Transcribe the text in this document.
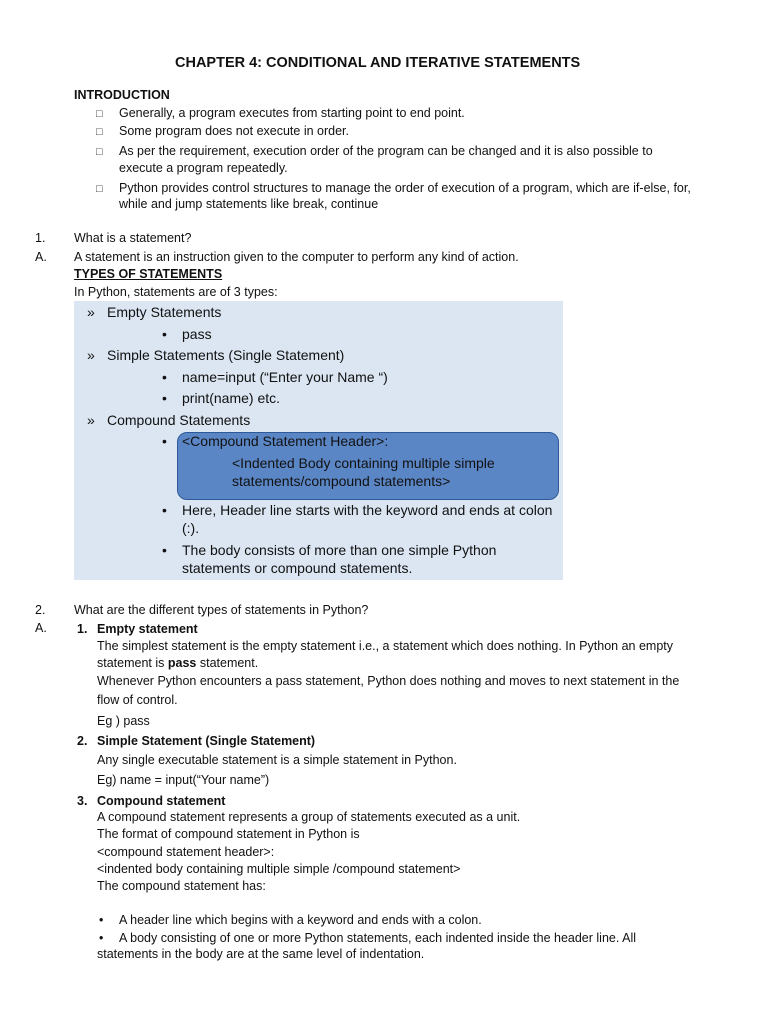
CHAPTER 4: CONDITIONAL AND ITERATIVE STATEMENTS
INTRODUCTION
□ Generally, a program executes from starting point to end point.
□ Some program does not execute in order.
□ As per the requirement, execution order of the program can be changed and it is also possible to
execute a program repeatedly.
□ Python provides control structures to manage the order of execution of a program, which are if-else, for,
while and jump statements like break, continue
1. What is a statement?
A. A statement is an instruction given to the computer to perform any kind of action.
TYPES OF STATEMENTS
In Python, statements are of 3 types:
» Empty Statements
• pass
» Simple Statements (Single Statement)
• name=input (“Enter your Name “)
• print(name) etc.
» Compound Statements
• <Compound Statement Header>:
<Indented Body containing multiple simple
statements/compound statements>
• Here, Header line starts with the keyword and ends at colon
(:).
• The body consists of more than one simple Python
statements or compound statements.
2. What are the different types of statements in Python?
A. 1. Empty statement
The simplest statement is the empty statement i.e., a statement which does nothing. In Python an empty
statement is pass statement.
Whenever Python encounters a pass statement, Python does nothing and moves to next statement in the
flow of control.
Eg ) pass
2. Simple Statement (Single Statement)
Any single executable statement is a simple statement in Python.
Eg) name = input(“Your name”)
3. Compound statement
A compound statement represents a group of statements executed as a unit.
The format of compound statement in Python is
<compound statement header>:
<indented body containing multiple simple /compound statement>
The compound statement has:
• A header line which begins with a keyword and ends with a colon.
• A body consisting of one or more Python statements, each indented inside the header line. All
statements in the body are at the same level of indentation.
